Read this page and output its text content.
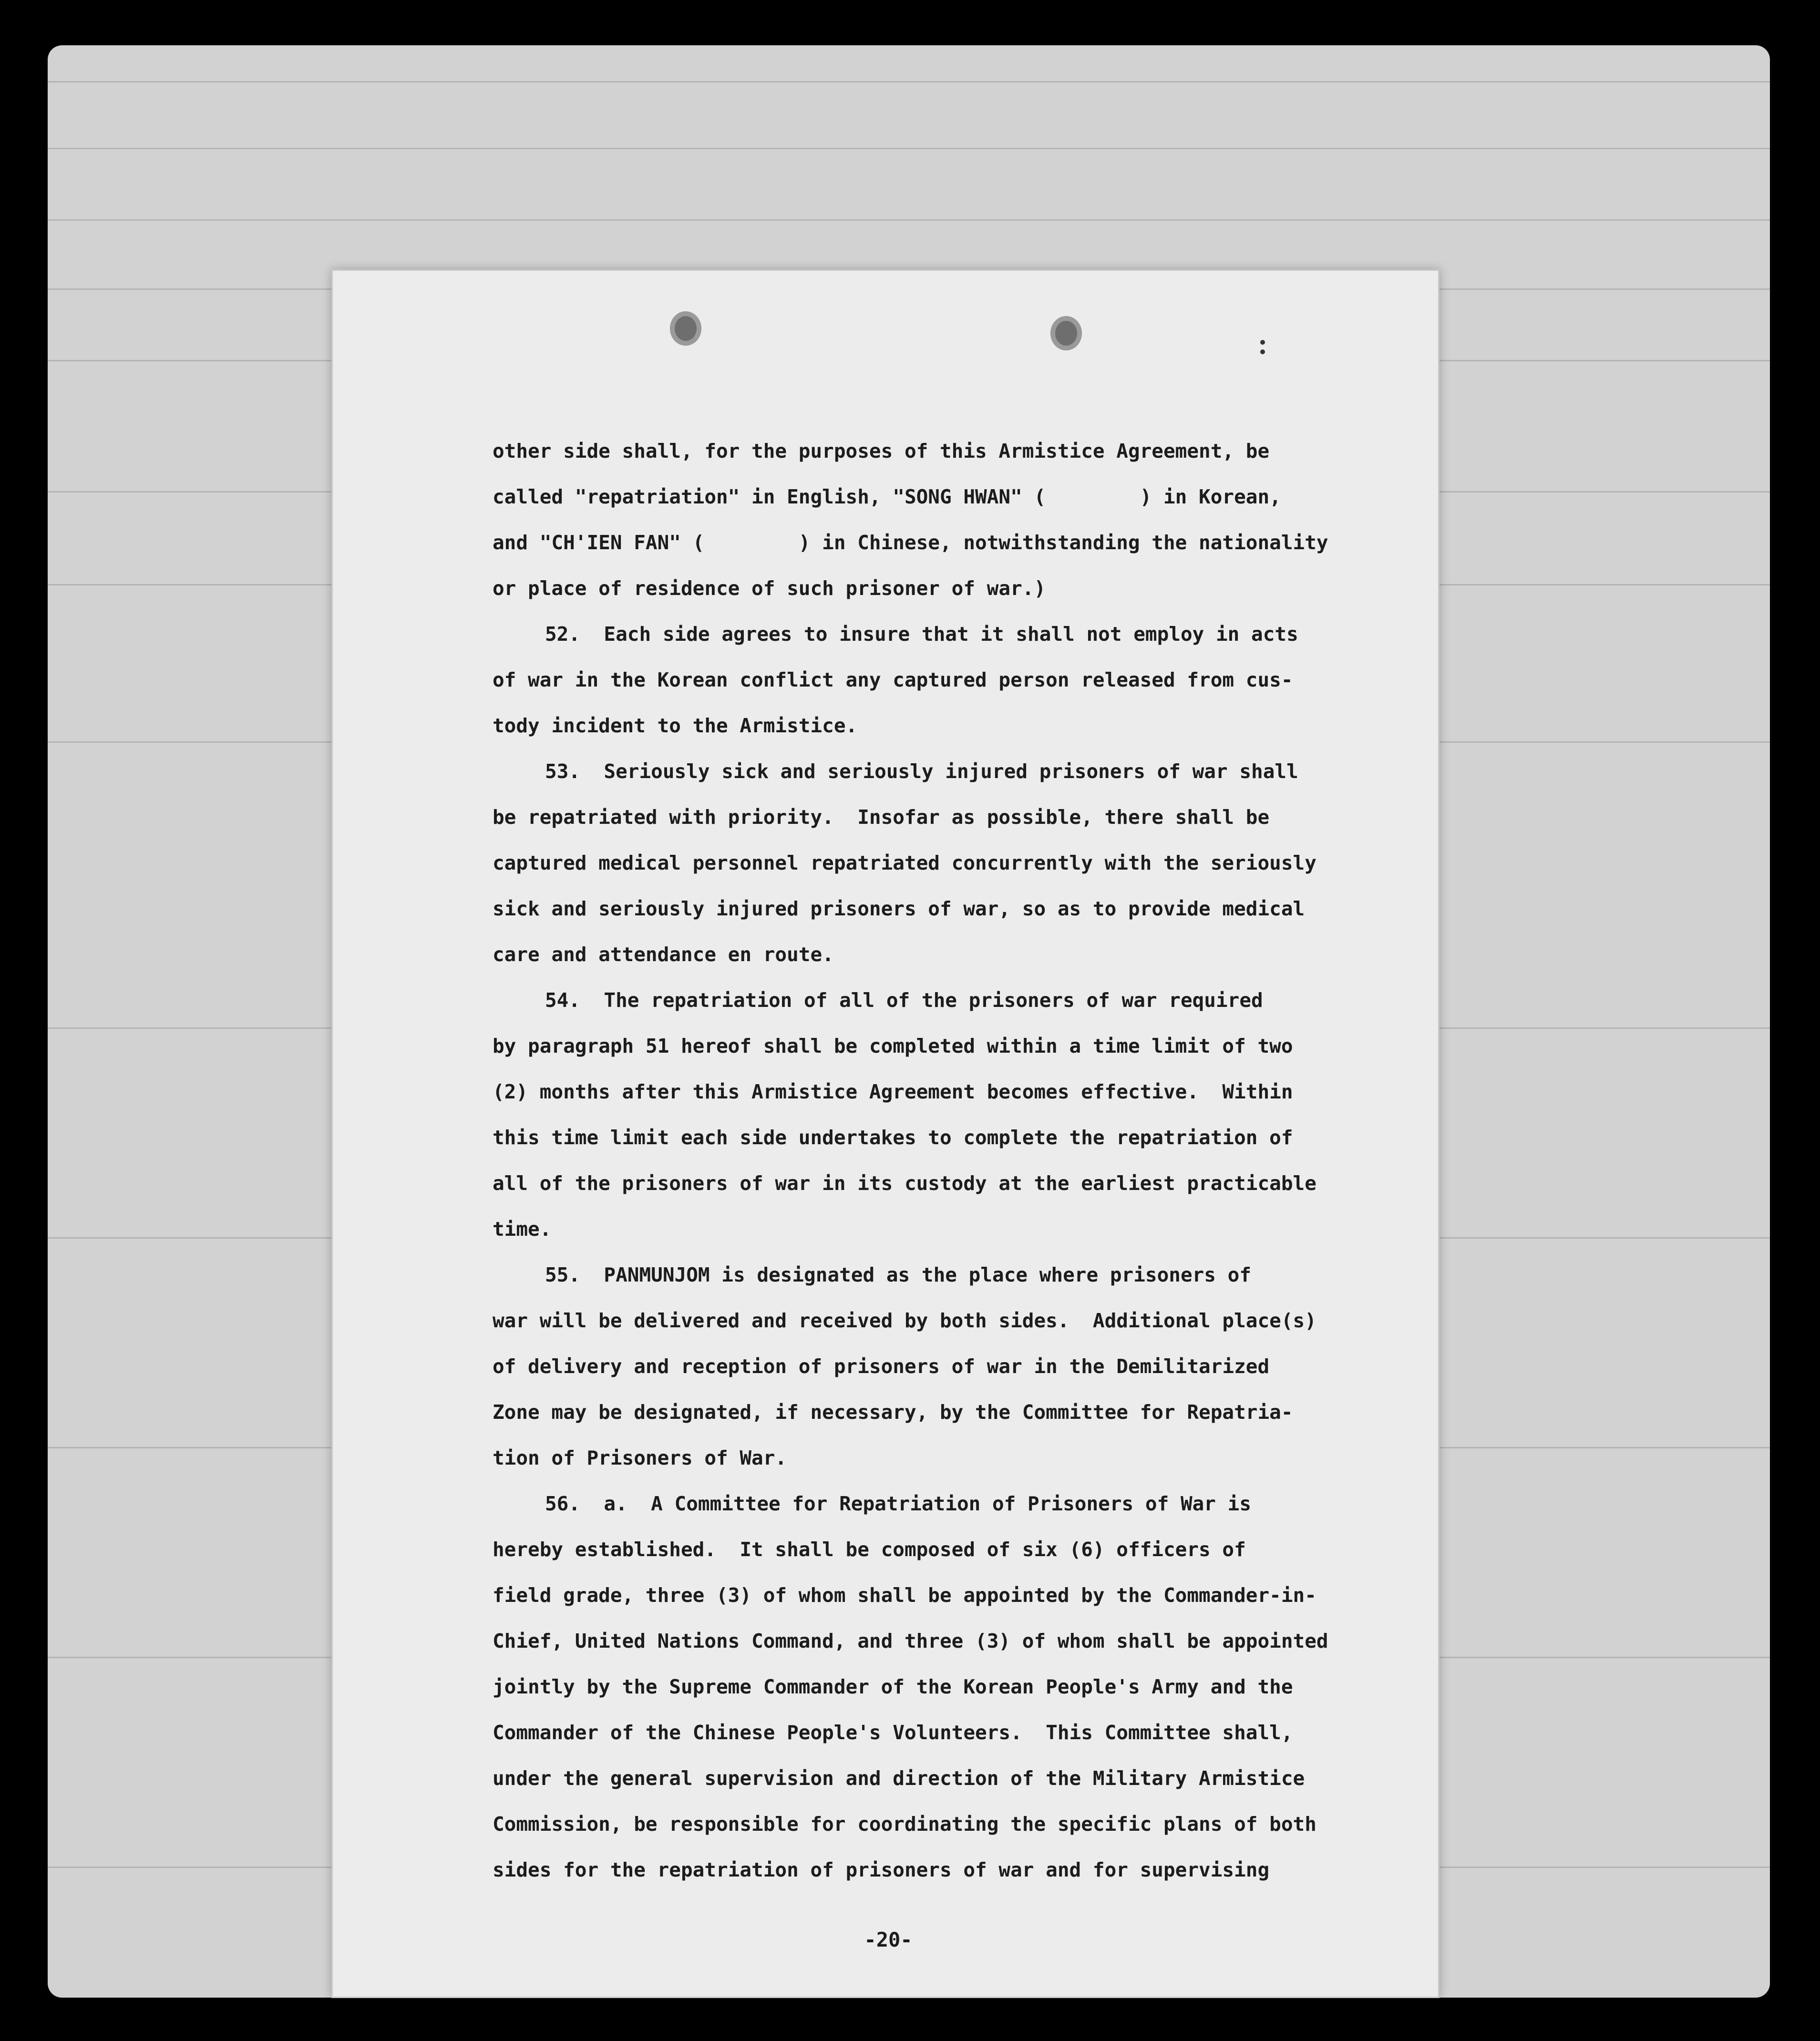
other side shall, for the purposes of this Armistice Agreement, be
called "repatriation" in English, "SONG HWAN" (        ) in Korean,
and "CH'IEN FAN" (        ) in Chinese, notwithstanding the nationality
or place of residence of such prisoner of war.)
52.  Each side agrees to insure that it shall not employ in acts
of war in the Korean conflict any captured person released from cus-
tody incident to the Armistice.
53.  Seriously sick and seriously injured prisoners of war shall
be repatriated with priority.  Insofar as possible, there shall be
captured medical personnel repatriated concurrently with the seriously
sick and seriously injured prisoners of war, so as to provide medical
care and attendance en route.
54.  The repatriation of all of the prisoners of war required
by paragraph 51 hereof shall be completed within a time limit of two
(2) months after this Armistice Agreement becomes effective.  Within
this time limit each side undertakes to complete the repatriation of
all of the prisoners of war in its custody at the earliest practicable
time.
55.  PANMUNJOM is designated as the place where prisoners of
war will be delivered and received by both sides.  Additional place(s)
of delivery and reception of prisoners of war in the Demilitarized
Zone may be designated, if necessary, by the Committee for Repatria-
tion of Prisoners of War.
56.  a.  A Committee for Repatriation of Prisoners of War is
hereby established.  It shall be composed of six (6) officers of
field grade, three (3) of whom shall be appointed by the Commander-in-
Chief, United Nations Command, and three (3) of whom shall be appointed
jointly by the Supreme Commander of the Korean People's Army and the
Commander of the Chinese People's Volunteers.  This Committee shall,
under the general supervision and direction of the Military Armistice
Commission, be responsible for coordinating the specific plans of both
sides for the repatriation of prisoners of war and for supervising
-20-
